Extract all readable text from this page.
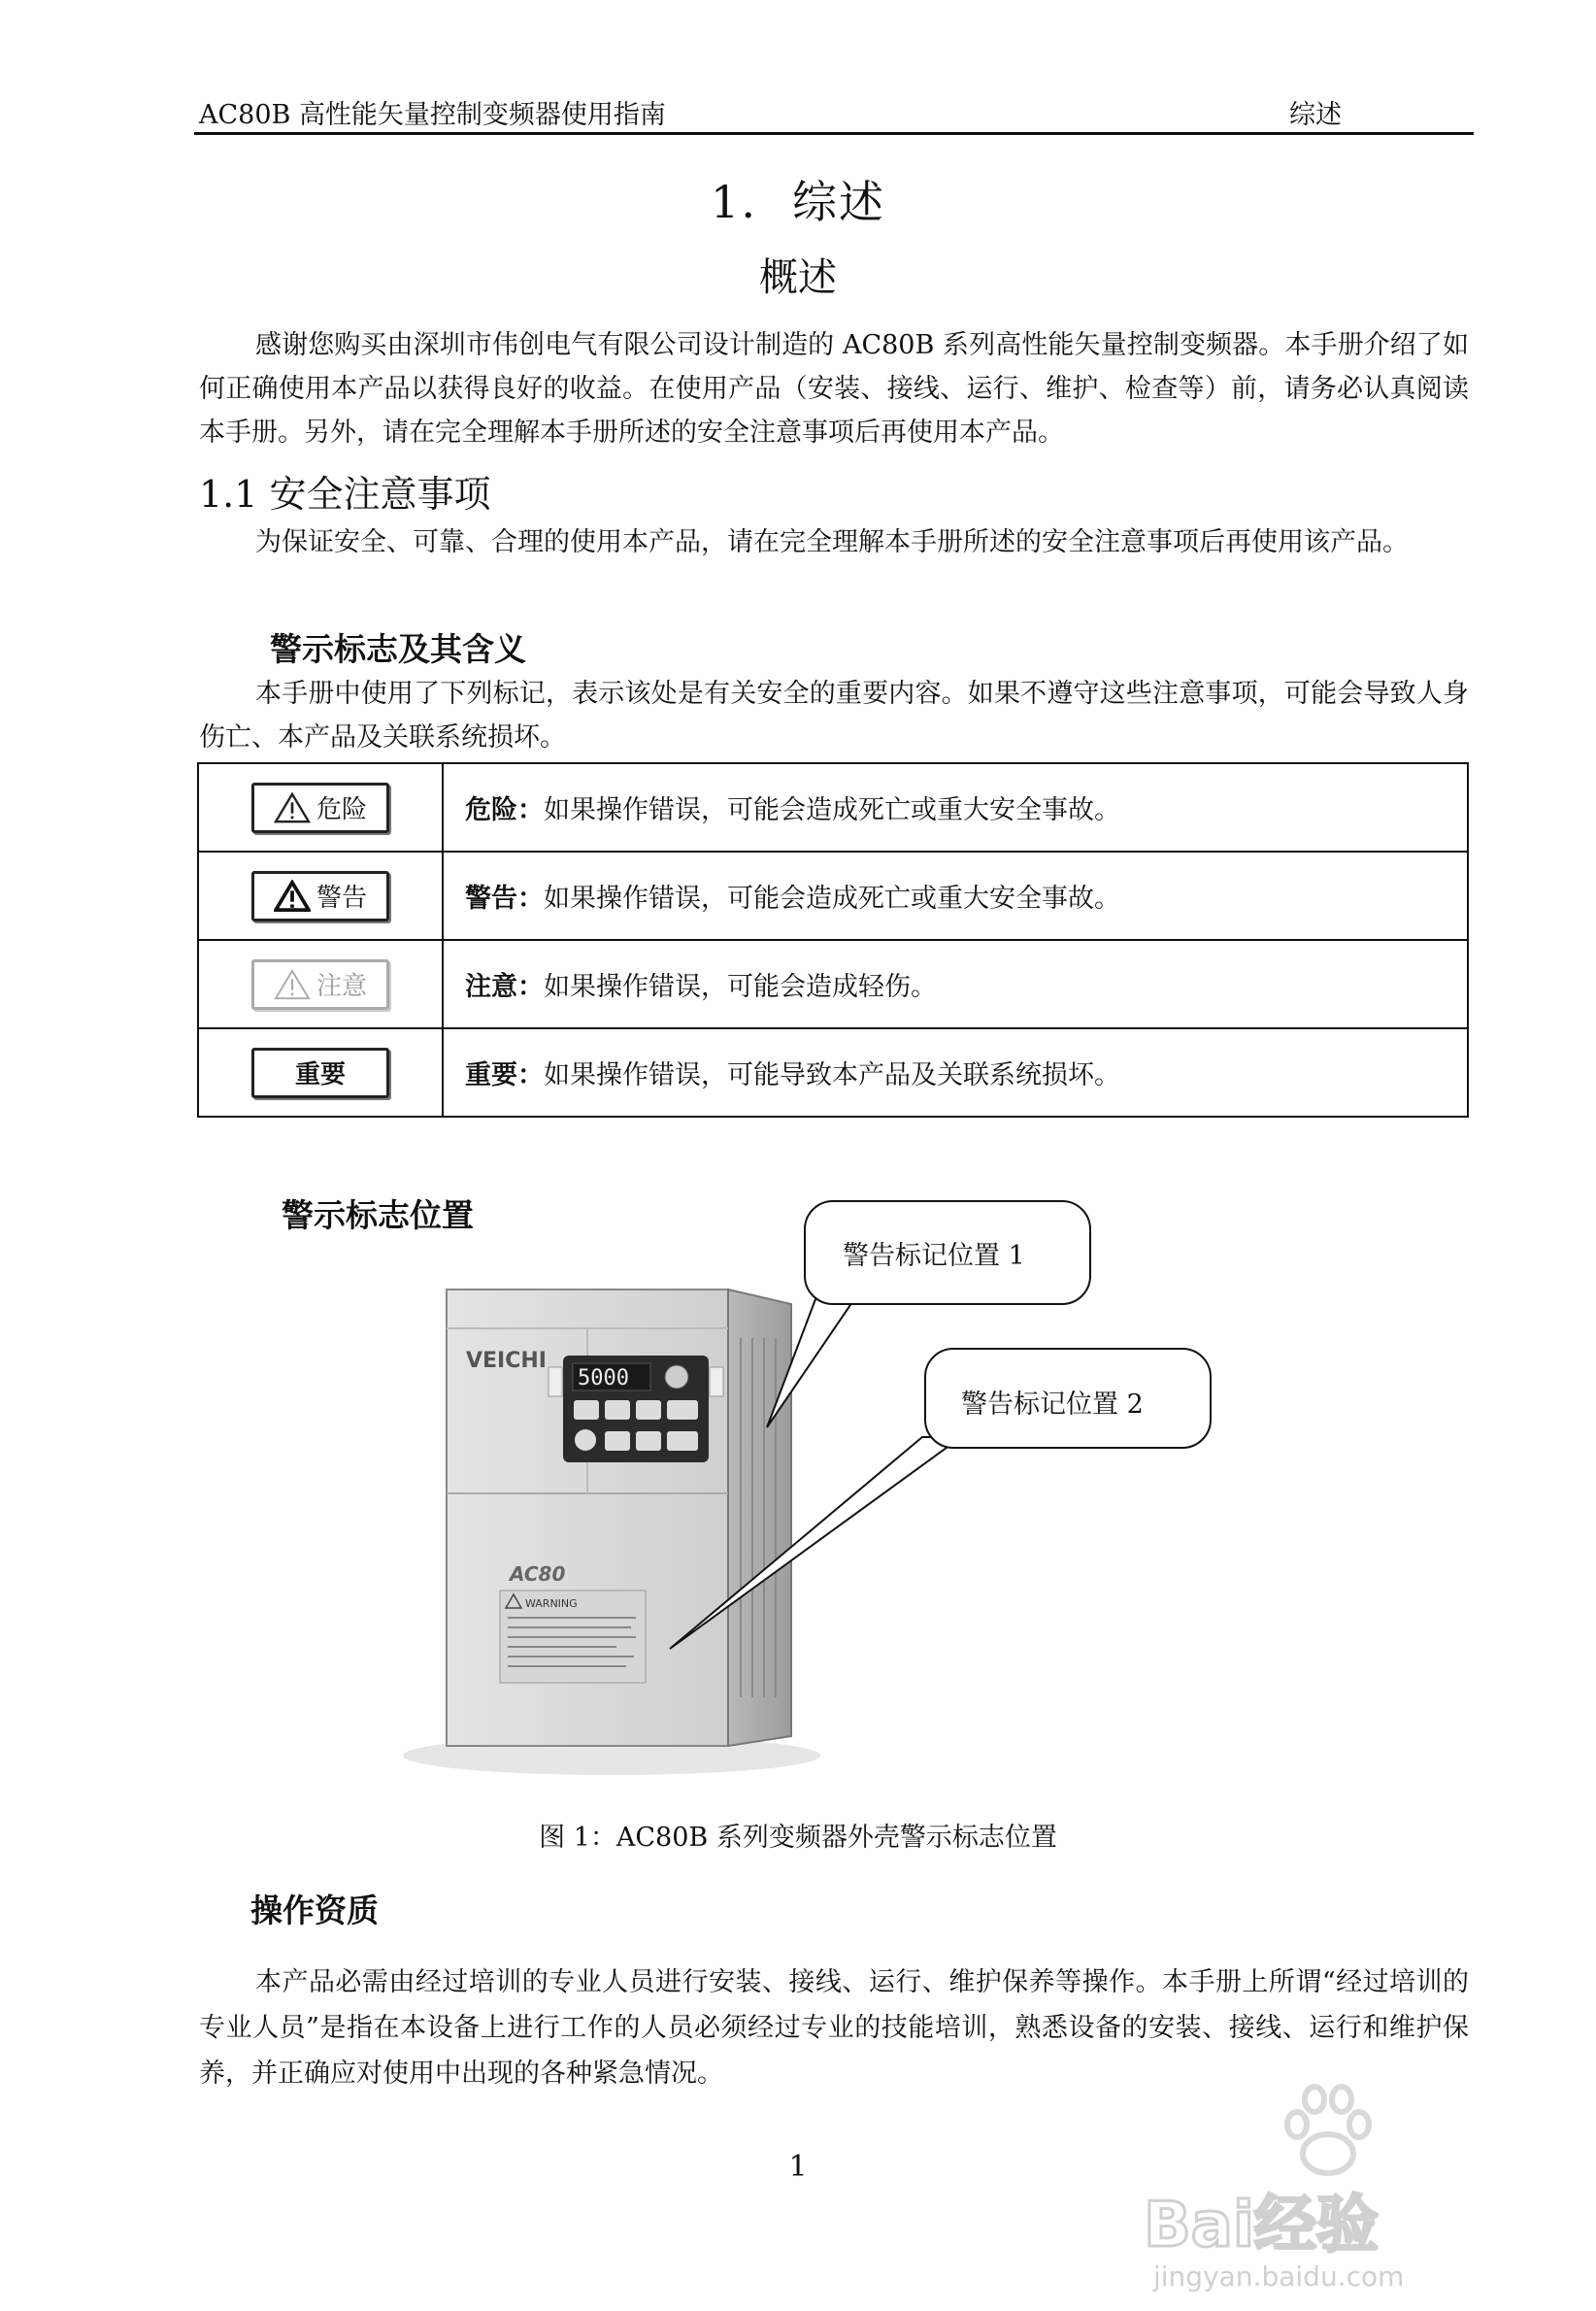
AC80B 高性能矢量控制变频器使用指南	综述
1. 综述
概述

感谢您购买由深圳市伟创电气有限公司设计制造的 AC80B 系列高性能矢量控制变频器。本手册介绍了如何正确使用本产品以获得良好的收益。在使用产品（安装、接线、运行、维护、检查等）前，请务必认真阅读本手册。另外，请在完全理解本手册所述的安全注意事项后再使用本产品。

1.1 安全注意事项

为保证安全、可靠、合理的使用本产品，请在完全理解本手册所述的安全注意事项后再使用该产品。

警示标志及其含义

本手册中使用了下列标记，表示该处是有关安全的重要内容。如果不遵守这些注意事项，可能会导致人身伤亡、本产品及关联系统损坏。

危险	危险：如果操作错误，可能会造成死亡或重大安全事故。

警告	警告：如果操作错误，可能会造成死亡或重大安全事故。

注意	注意：如果操作错误，可能会造成轻伤。

重要	重要：如果操作错误，可能导致本产品及关联系统损坏。
警示标志位置
VEICHI
5000
AC80
WARNING
警告标记位置 1
警告标记位置 2
图 1：AC80B 系列变频器外壳警示标志位置
操作资质

本产品必需由经过培训的专业人员进行安装、接线、运行、维护保养等操作。本手册上所谓“经过培训的专业人员”是指在本设备上进行工作的人员必须经过专业的技能培训，熟悉设备的安装、接线、运行和维护保养，并正确应对使用中出现的各种紧急情况。

1
Bai经验
jingyan.baidu.com
